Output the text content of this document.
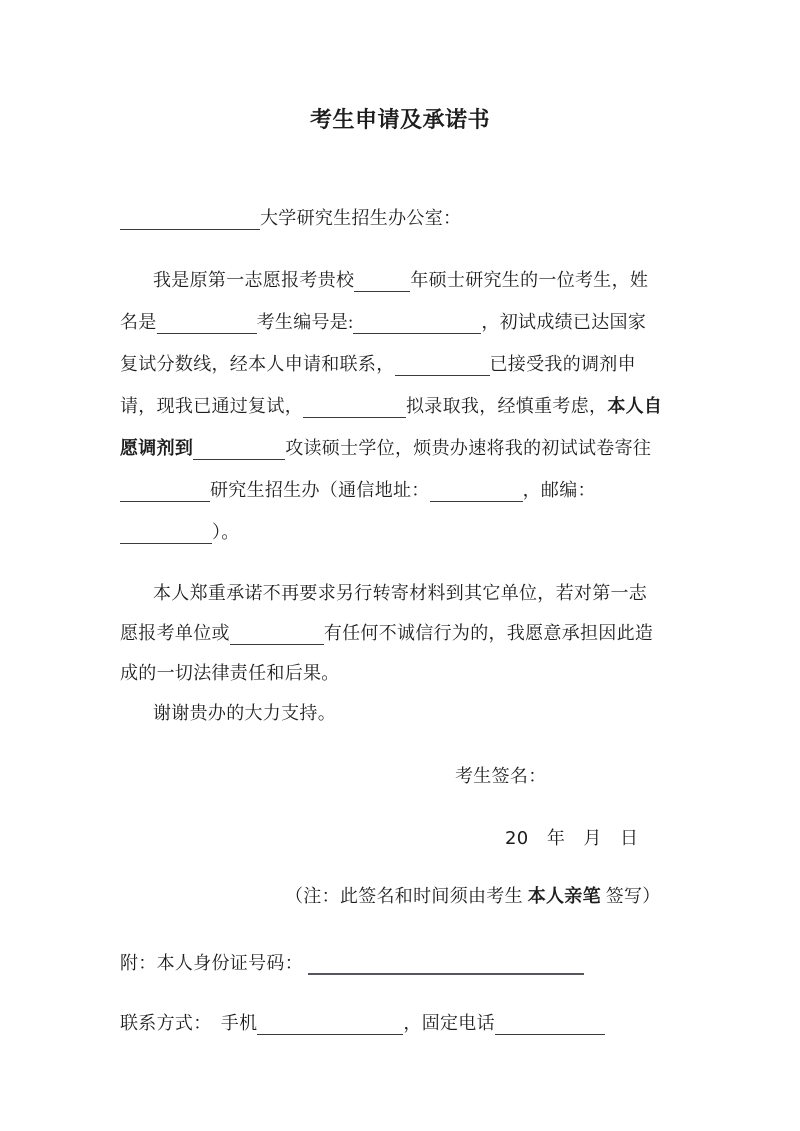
考生申请及承诺书
大学研究生招生办公室：
我是原第一志愿报考贵校	年硕士研究生的一位考生，姓
名是	考生编号是:	，初试成绩已达国家
复试分数线，经本人申请和联系，	已接受我的调剂申
请，现我已通过复试，	拟录取我，经慎重考虑，本人自
愿调剂到	攻读硕士学位，烦贵办速将我的初试试卷寄往
研究生招生办（通信地址：	，邮编：
）。
本人郑重承诺不再要求另行转寄材料到其它单位，若对第一志
愿报考单位或	有任何不诚信行为的，我愿意承担因此造
成的一切法律责任和后果。
谢谢贵办的大力支持。
考生签名：
20　年　月　日
（注：此签名和时间须由考生 本人亲笔 签写）
附：本人身份证号码：
联系方式：　手机	，固定电话
